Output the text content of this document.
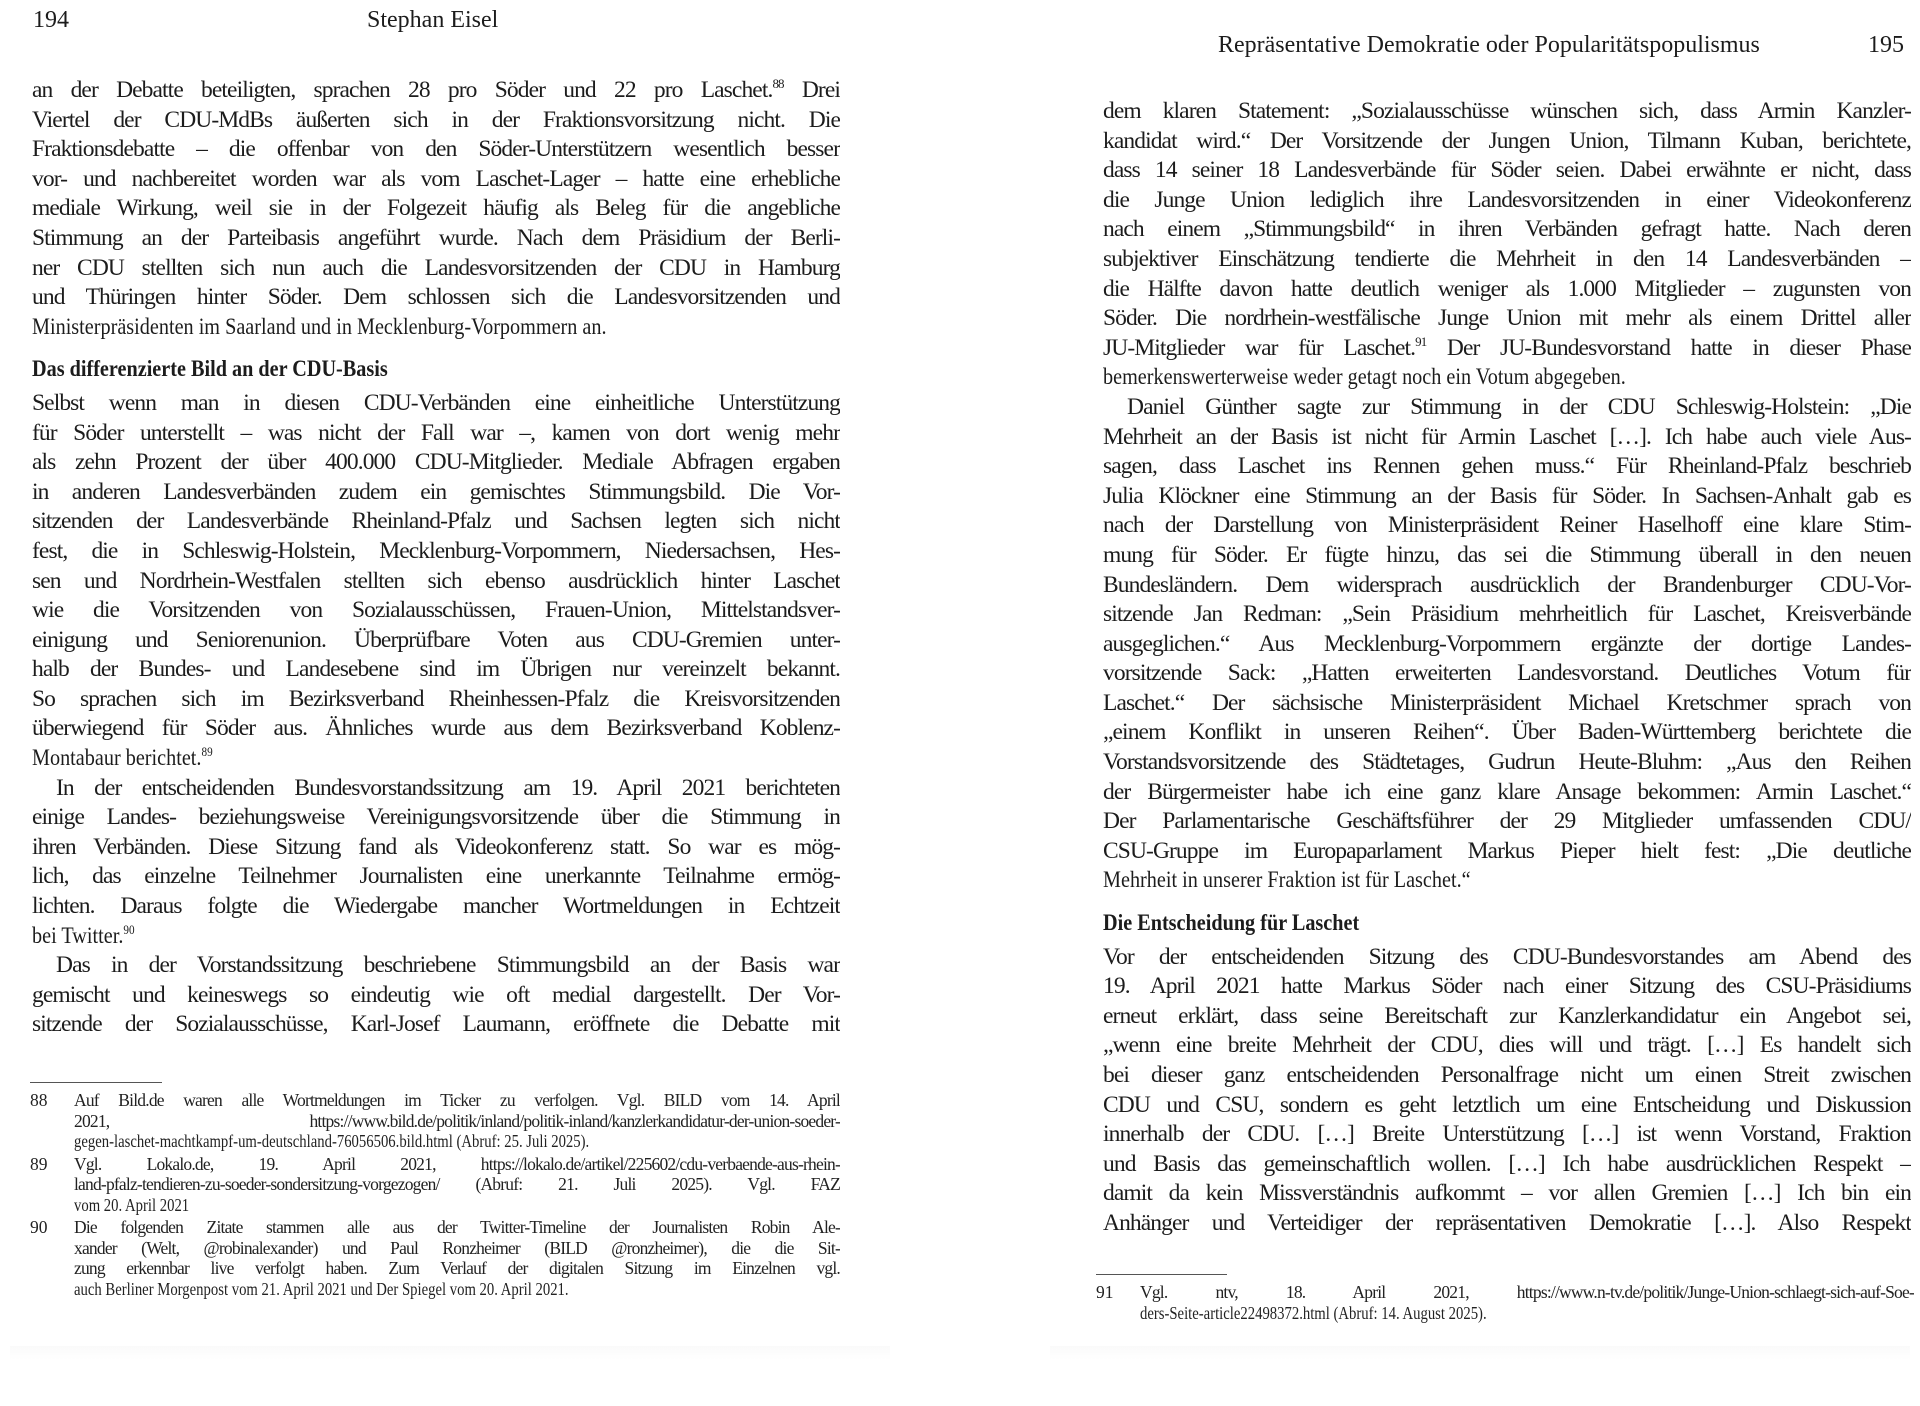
194	Stephan Eisel
an der Debatte beteiligten, sprachen 28 pro Söder und 22 pro Laschet.$^{88}$ Drei
Viertel der CDU-MdBs äußerten sich in der Fraktionsvorsitzung nicht. Die
Fraktionsdebatte – die offenbar von den Söder-Unterstützern wesentlich besser
vor- und nachbereitet worden war als vom Laschet-Lager – hatte eine erhebliche
mediale Wirkung, weil sie in der Folgezeit häufig als Beleg für die angebliche
Stimmung an der Parteibasis angeführt wurde. Nach dem Präsidium der Berli-
ner CDU stellten sich nun auch die Landesvorsitzenden der CDU in Hamburg
und Thüringen hinter Söder. Dem schlossen sich die Landesvorsitzenden und
Ministerpräsidenten im Saarland und in Mecklenburg-Vorpommern an.
Das differenzierte Bild an der CDU-Basis
Selbst wenn man in diesen CDU-Verbänden eine einheitliche Unterstützung
für Söder unterstellt – was nicht der Fall war –, kamen von dort wenig mehr
als zehn Prozent der über 400.000 CDU-Mitglieder. Mediale Abfragen ergaben
in anderen Landesverbänden zudem ein gemischtes Stimmungsbild. Die Vor-
sitzenden der Landesverbände Rheinland-Pfalz und Sachsen legten sich nicht
fest, die in Schleswig-Holstein, Mecklenburg-Vorpommern, Niedersachsen, Hes-
sen und Nordrhein-Westfalen stellten sich ebenso ausdrücklich hinter Laschet
wie die Vorsitzenden von Sozialausschüssen, Frauen-Union, Mittelstandsver-
einigung und Seniorenunion. Überprüfbare Voten aus CDU-Gremien unter-
halb der Bundes- und Landesebene sind im Übrigen nur vereinzelt bekannt.
So sprachen sich im Bezirksverband Rheinhessen-Pfalz die Kreisvorsitzenden
überwiegend für Söder aus. Ähnliches wurde aus dem Bezirksverband Koblenz-
Montabaur berichtet.$^{89}$
In der entscheidenden Bundesvorstandssitzung am 19. April 2021 berichteten
einige Landes- beziehungsweise Vereinigungsvorsitzende über die Stimmung in
ihren Verbänden. Diese Sitzung fand als Videokonferenz statt. So war es mög-
lich, das einzelne Teilnehmer Journalisten eine unerkannte Teilnahme ermög-
lichten. Daraus folgte die Wiedergabe mancher Wortmeldungen in Echtzeit
bei Twitter.$^{90}$
Das in der Vorstandssitzung beschriebene Stimmungsbild an der Basis war
gemischt und keineswegs so eindeutig wie oft medial dargestellt. Der Vor-
sitzende der Sozialausschüsse, Karl-Josef Laumann, eröffnete die Debatte mit
88 Auf Bild.de waren alle Wortmeldungen im Ticker zu verfolgen. Vgl. BILD vom 14. April
2021, https://www.bild.de/politik/inland/politik-inland/kanzlerkandidatur-der-union-soeder-
gegen-laschet-machtkampf-um-deutschland-76056506.bild.html (Abruf: 25. Juli 2025).
89 Vgl. Lokalo.de, 19. April 2021, https://lokalo.de/artikel/225602/cdu-verbaende-aus-rhein-
land-pfalz-tendieren-zu-soeder-sondersitzung-vorgezogen/ (Abruf: 21. Juli 2025). Vgl. FAZ
vom 20. April 2021
90 Die folgenden Zitate stammen alle aus der Twitter-Timeline der Journalisten Robin Ale-
xander (Welt, @robinalexander) und Paul Ronzheimer (BILD @ronzheimer), die die Sit-
zung erkennbar live verfolgt haben. Zum Verlauf der digitalen Sitzung im Einzelnen vgl.
auch Berliner Morgenpost vom 21. April 2021 und Der Spiegel vom 20. April 2021.
Repräsentative Demokratie oder Popularitätspopulismus	195
dem klaren Statement: „Sozialausschüsse wünschen sich, dass Armin Kanzler-
kandidat wird.“ Der Vorsitzende der Jungen Union, Tilmann Kuban, berichtete,
dass 14 seiner 18 Landesverbände für Söder seien. Dabei erwähnte er nicht, dass
die Junge Union lediglich ihre Landesvorsitzenden in einer Videokonferenz
nach einem „Stimmungsbild“ in ihren Verbänden gefragt hatte. Nach deren
subjektiver Einschätzung tendierte die Mehrheit in den 14 Landesverbänden –
die Hälfte davon hatte deutlich weniger als 1.000 Mitglieder – zugunsten von
Söder. Die nordrhein-westfälische Junge Union mit mehr als einem Drittel aller
JU-Mitglieder war für Laschet.$^{91}$ Der JU-Bundesvorstand hatte in dieser Phase
bemerkenswerterweise weder getagt noch ein Votum abgegeben.
Daniel Günther sagte zur Stimmung in der CDU Schleswig-Holstein: „Die
Mehrheit an der Basis ist nicht für Armin Laschet […]. Ich habe auch viele Aus-
sagen, dass Laschet ins Rennen gehen muss.“ Für Rheinland-Pfalz beschrieb
Julia Klöckner eine Stimmung an der Basis für Söder. In Sachsen-Anhalt gab es
nach der Darstellung von Ministerpräsident Reiner Haselhoff eine klare Stim-
mung für Söder. Er fügte hinzu, das sei die Stimmung überall in den neuen
Bundesländern. Dem widersprach ausdrücklich der Brandenburger CDU-Vor-
sitzende Jan Redman: „Sein Präsidium mehrheitlich für Laschet, Kreisverbände
ausgeglichen.“ Aus Mecklenburg-Vorpommern ergänzte der dortige Landes-
vorsitzende Sack: „Hatten erweiterten Landesvorstand. Deutliches Votum für
Laschet.“ Der sächsische Ministerpräsident Michael Kretschmer sprach von
„einem Konflikt in unseren Reihen“. Über Baden-Württemberg berichtete die
Vorstandsvorsitzende des Städtetages, Gudrun Heute-Bluhm: „Aus den Reihen
der Bürgermeister habe ich eine ganz klare Ansage bekommen: Armin Laschet.“
Der Parlamentarische Geschäftsführer der 29 Mitglieder umfassenden CDU/
CSU-Gruppe im Europaparlament Markus Pieper hielt fest: „Die deutliche
Mehrheit in unserer Fraktion ist für Laschet.“
Die Entscheidung für Laschet
Vor der entscheidenden Sitzung des CDU-Bundesvorstandes am Abend des
19. April 2021 hatte Markus Söder nach einer Sitzung des CSU-Präsidiums
erneut erklärt, dass seine Bereitschaft zur Kanzlerkandidatur ein Angebot sei,
„wenn eine breite Mehrheit der CDU, dies will und trägt. […] Es handelt sich
bei dieser ganz entscheidenden Personalfrage nicht um einen Streit zwischen
CDU und CSU, sondern es geht letztlich um eine Entscheidung und Diskussion
innerhalb der CDU. […] Breite Unterstützung […] ist wenn Vorstand, Fraktion
und Basis das gemeinschaftlich wollen. […] Ich habe ausdrücklichen Respekt –
damit da kein Missverständnis aufkommt – vor allen Gremien […] Ich bin ein
Anhänger und Verteidiger der repräsentativen Demokratie […]. Also Respekt
91 Vgl. ntv, 18. April 2021, https://www.n-tv.de/politik/Junge-Union-schlaegt-sich-auf-Soe-
ders-Seite-article22498372.html (Abruf: 14. August 2025).
